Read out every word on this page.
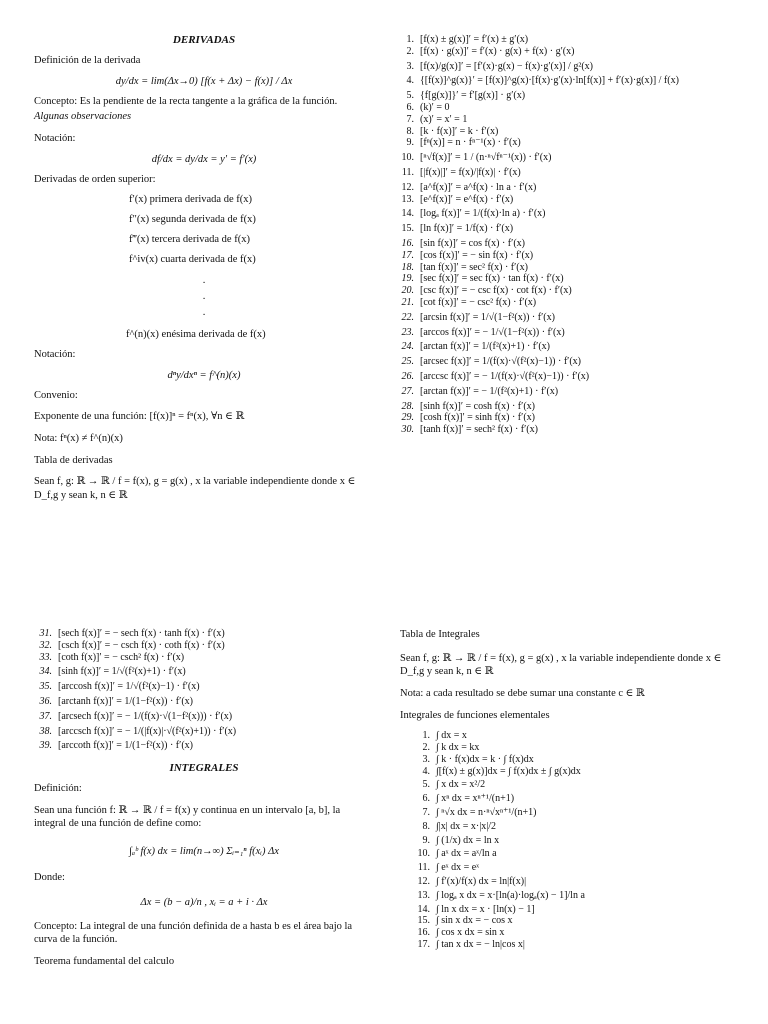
DERIVADAS

Definición de la derivada

dy/dx = lim(Δx→0) [f(x + Δx) − f(x)] / Δx

Concepto: Es la pendiente de la recta tangente a la gráfica de la función.

Algunas observaciones

Notación:

df/dx = dy/dx = y′ = f′(x)

Derivadas de orden superior:

f′(x) primera derivada de f(x)
f″(x) segunda derivada de f(x)
f‴(x) tercera derivada de f(x)
f^iv(x) cuarta derivada de f(x)
.
.
.
f^(n)(x) enésima derivada de f(x)

Notación:

dⁿy/dxⁿ = f^(n)(x)

Convenio:

Exponente de una función: [f(x)]ⁿ = fⁿ(x), ∀n ∈ ℝ

Nota: fⁿ(x) ≠ f^(n)(x)

Tabla de derivadas

Sean f, g: ℝ → ℝ / f = f(x), g = g(x) , x la variable independiente donde x ∈ D_f,g y sean k, n ∈ ℝ

1. [f(x) ± g(x)]′ = f′(x) ± g′(x)
2. [f(x) · g(x)]′ = f′(x) · g(x) + f(x) · g′(x)
3. [f(x)/g(x)]′ = [f′(x)·g(x) − f(x)·g′(x)] / g²(x)
4. {[f(x)]^g(x)}′ = [f(x)]^g(x)·[f(x)·g′(x)·ln[f(x)] + f′(x)·g(x)] / f(x)
5. {f[g(x)]}′ = f′[g(x)] · g′(x)
6. (k)′ = 0
7. (x)′ = x′ = 1
8. [k · f(x)]′ = k · f′(x)
9. [fⁿ(x)] = n · fⁿ⁻¹(x) · f′(x)
10. [ⁿ√f(x)]′ = 1 / (n·ⁿ√fⁿ⁻¹(x)) · f′(x)
11. [|f(x)|]′ = f(x)/|f(x)| · f′(x)
12. [a^f(x)]′ = a^f(x) · ln a · f′(x)
13. [e^f(x)]′ = e^f(x) · f′(x)
14. [logₐ f(x)]′ = 1/(f(x)·ln a) · f′(x)
15. [ln f(x)]′ = 1/f(x) · f′(x)
16. [sin f(x)]′ = cos f(x) · f′(x)
17. [cos f(x)]′ = − sin f(x) · f′(x)
18. [tan f(x)]′ = sec² f(x) · f′(x)
19. [sec f(x)]′ = sec f(x) · tan f(x) · f′(x)
20. [csc f(x)]′ = − csc f(x) · cot f(x) · f′(x)
21. [cot f(x)]′ = − csc² f(x) · f′(x)
22. [arcsin f(x)]′ = 1/√(1−f²(x)) · f′(x)
23. [arccos f(x)]′ = − 1/√(1−f²(x)) · f′(x)
24. [arctan f(x)]′ = 1/(f²(x)+1) · f′(x)
25. [arcsec f(x)]′ = 1/(f(x)·√(f²(x)−1)) · f′(x)
26. [arccsc f(x)]′ = − 1/(f(x)·√(f²(x)−1)) · f′(x)
27. [arctan f(x)]′ = − 1/(f²(x)+1) · f′(x)
28. [sinh f(x)]′ = cosh f(x) · f′(x)
29. [cosh f(x)]′ = sinh f(x) · f′(x)
30. [tanh f(x)]′ = sech² f(x) · f′(x)
31. [sech f(x)]′ = − sech f(x) · tanh f(x) · f′(x)
32. [csch f(x)]′ = − csch f(x) · coth f(x) · f′(x)
33. [coth f(x)]′ = − csch² f(x) · f′(x)
34. [sinh f(x)]′ = 1/√(f²(x)+1) · f′(x)
35. [arccosh f(x)]′ = 1/√(f²(x)−1) · f′(x)
36. [arctanh f(x)]′ = 1/(1−f²(x)) · f′(x)
37. [arcsech f(x)]′ = − 1/(f(x)·√(1−f²(x))) · f′(x)
38. [arccsch f(x)]′ = − 1/(|f(x)|·√(f²(x)+1)) · f′(x)
39. [arccoth f(x)]′ = 1/(1−f²(x)) · f′(x)
INTEGRALES

Definición:

Sean una función f: ℝ → ℝ / f = f(x) y continua en un intervalo [a, b], la integral de una función de define como:

∫ₐᵇ f(x) dx = lim(n→∞) Σᵢ₌₁ⁿ f(xᵢ) Δx

Donde:

Δx = (b − a)/n , xᵢ = a + i · Δx

Concepto: La integral de una función definida de a hasta b es el área bajo la curva de la función.

Teorema fundamental del calculo

Tabla de Integrales

Sean f, g: ℝ → ℝ / f = f(x), g = g(x) , x la variable independiente donde x ∈ D_f,g y sean k, n ∈ ℝ

Nota: a cada resultado se debe sumar una constante c ∈ ℝ

Integrales de funciones elementales

1. ∫ dx = x
2. ∫ k dx = kx
3. ∫ k · f(x)dx = k · ∫ f(x)dx
4. ∫[f(x) ± g(x)]dx = ∫ f(x)dx ± ∫ g(x)dx
5. ∫ x dx = x²/2
6. ∫ xⁿ dx = xⁿ⁺¹/(n+1)
7. ∫ ⁿ√x dx = n·ⁿ√xⁿ⁺¹/(n+1)
8. ∫|x| dx = x·|x|/2
9. ∫ (1/x) dx = ln x
10. ∫ aˣ dx = aˣ/ln a
11. ∫ eˣ dx = eˣ
12. ∫ f′(x)/f(x) dx = ln|f(x)|
13. ∫ logₐ x dx = x·[ln(a)·logₐ(x) − 1]/ln a
14. ∫ ln x dx = x · [ln(x) − 1]
15. ∫ sin x dx = − cos x
16. ∫ cos x dx = sin x
17. ∫ tan x dx = − ln|cos x|
